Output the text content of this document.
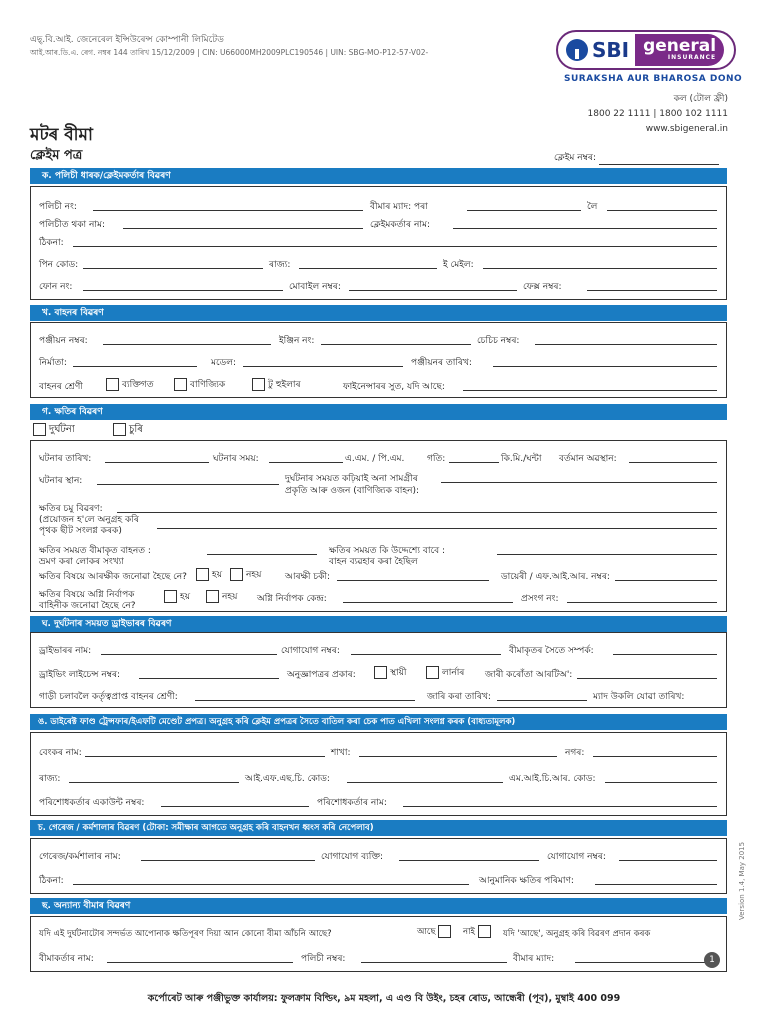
এছ্.বি.আই. জেনেৰেল ইন্সিউৰেন্স কোম্পানী লিমিটেড
আই.আৰ.ডি.এ. ৰেগ. নম্বৰ 144 তাৰিখ 15/12/2009 | CIN: U66000MH2009PLC190546 | UIN: SBG-MO-P12-57-V02-	SBI general
INSURANCE
SURAKSHA AUR BHAROSA DONO
কল (টোল ফ্ৰী)
1800 22 1111 | 1800 102 1111
www.sbigeneral.in
মটৰ বীমা
ক্লেইম পত্ৰ	ক্লেইম নম্বৰ:
ক. পলিচী ধাৰক/ক্লেইমকৰ্তাৰ বিৱৰণ
পলিচী নং:	বীমাৰ ম্যাদ: পৰা	লৈ
পলিচীত থকা নাম:	ক্লেইমকৰ্তাৰ নাম:
ঠিকনা:
পিন কোড:	ৰাজ্য:	ই মেইল:
ফোন নং:	মোবাইল নম্বৰ:	ফেক্স নম্বৰ:
খ. বাহনৰ বিৱৰণ
পঞ্জীয়ন নম্বৰ:	ইঞ্জিন নং:	চেচিচ নম্বৰ:
নিৰ্মাতা:	মডেল:	পঞ্জীয়নৰ তাৰিখ:
বাহনৰ শ্ৰেণী	ব্যক্তিগত	বাণিজ্যিক	টু হুইলাৰ	ফাইনেন্সাৰৰ সুত, যদি আছে:
গ. ক্ষতিৰ বিৱৰণ
দুৰ্ঘটনা	চুৰি
ঘটনাৰ তাৰিখ:	ঘটনাৰ সময়:	এ.এম. / পি.এম.	গতি:	কি.মি./ঘন্টা বৰ্তমান অৱস্থান:
ঘটনাৰ স্থান:	দুৰ্ঘটনাৰ সময়ত কঢ়িয়াই অনা সামগ্ৰীৰ
প্ৰকৃতি আৰু ওজন (বাণিজ্যিক বাহন):
ক্ষতিৰ চমু বিৱৰণ:
(প্ৰয়োজন হ'লে অনুগ্ৰহ কৰি
পৃথক ছীট সংলগ্ন কৰক)
ক্ষতিৰ সময়ত বীমাকৃত বাহনত :
ভ্ৰমণ কৰা লোকৰ সংখ্যা
ক্ষতিৰ সময়ত কি উদ্দেশ্যে বাবে :
বাহন ব্যৱহাৰ কৰা হৈছিল
ক্ষতিৰ বিষয়ে আৰক্ষীক জনোৱা হৈছে নে?	হয়	নহয়	আৰক্ষী চকী:	ডায়েৰী / এফ.আই.আৰ. নম্বৰ:
ক্ষতিৰ বিষয়ে অগ্নি নিৰ্বাপক
বাহিনীক জনোৱা হৈছে নে?
হয়	নহয় অগ্নি নিৰ্বাপক কেন্দ্ৰ:	প্ৰসংগ নং:
ঘ. দুৰ্ঘটনাৰ সময়ত ড্ৰাইভাৰৰ বিৱৰণ
ড্ৰাইভাৰৰ নাম:	যোগাযোগ নম্বৰ:	বীমাকৃতৰ সৈতে সম্পৰ্ক:
ড্ৰাইভিং লাইচেন্স নম্বৰ:	অনুজ্ঞাপত্ৰৰ প্ৰকাৰ:	স্থায়ী	লাৰ্নাৰ জাৰী কৰোঁতা আৰটিঅ':
গাড়ী চলাবলৈ কৰ্তৃত্বপ্ৰাপ্ত বাহনৰ শ্ৰেণী:	জাৰি কৰা তাৰিখ:	ম্যাদ উকলি যোৱা তাৰিখ:
ঙ. ডাইৰেক্ট ফাণ্ড ট্ৰেন্সফাৰ/ইএফটি মেণ্ডেট প্ৰপত্ৰ। অনুগ্ৰহ কৰি ক্লেইম প্ৰপত্ৰৰ সৈতে বাতিল কৰা চেক পাত এখিলা সংলগ্ন কৰক (বাধ্যতামূলক)
বেংকৰ নাম:	শাখা:	নগৰ:
ৰাজ্য:	আই.এফ.এছ.চি. কোড:	এম.আই.চি.আৰ. কোড:
পৰিশোধকৰ্তাৰ একাউন্ট নম্বৰ:	পৰিশোধকৰ্তাৰ নাম:
চ. গেৰেজ / কৰ্মশালাৰ বিৱৰণ (টোকা: সমীক্ষাৰ আগতে অনুগ্ৰহ কৰি বাহনখন ধ্বংস কৰি নেপেলাব)
গেৰেজ/কৰ্মশালাৰ নাম:	যোগাযোগ ব্যক্তি:	যোগাযোগ নম্বৰ:
ঠিকনা:	আনুমানিক ক্ষতিৰ পৰিমাণ:
ছ. অন্যান্য বীমাৰ বিৱৰণ
যদি এই দুৰ্ঘটনাটোৰ সন্দৰ্ভত আপোনাক ক্ষতিপূৰণ দিয়া আন কোনো বীমা আঁচনি আছে?	আছে	নাই	যদি 'আছে', অনুগ্ৰহ কৰি বিৱৰণ প্ৰদান কৰক
বীমাকৰ্তাৰ নাম:	পলিচী নম্বৰ:	বীমাৰ ম্যাদ:	1
Version 1.4, May 2015
কৰ্পোৰেট আৰু পঞ্জীভুক্ত কাৰ্যালয়: ফুলক্ৰাম বিল্ডিং, ৯ম মহলা, এ এণ্ড বি উইং, চহৰ ৰোড, আন্ধেৰী (পূব), মুম্বাই 400 099
